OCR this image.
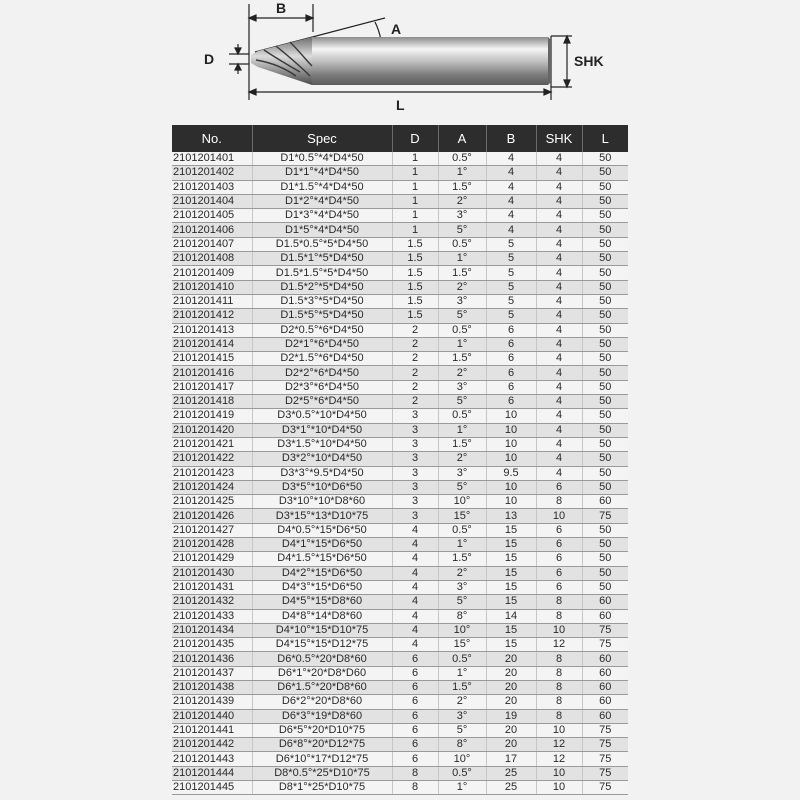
B
A
D	SHK
L
No.	Spec	D	A	B	SHK	L
2101201401	D1*0.5°*4*D4*50	1	0.5°	4	4	50
2101201402	D1*1°*4*D4*50	1	1°	4	4	50
2101201403	D1*1.5°*4*D4*50	1	1.5°	4	4	50
2101201404	D1*2°*4*D4*50	1	2°	4	4	50
2101201405	D1*3°*4*D4*50	1	3°	4	4	50
2101201406	D1*5°*4*D4*50	1	5°	4	4	50
2101201407	D1.5*0.5°*5*D4*50	1.5	0.5°	5	4	50
2101201408	D1.5*1°*5*D4*50	1.5	1°	5	4	50
2101201409	D1.5*1.5°*5*D4*50	1.5	1.5°	5	4	50
2101201410	D1.5*2°*5*D4*50	1.5	2°	5	4	50
2101201411	D1.5*3°*5*D4*50	1.5	3°	5	4	50
2101201412	D1.5*5°*5*D4*50	1.5	5°	5	4	50
2101201413	D2*0.5°*6*D4*50	2	0.5°	6	4	50
2101201414	D2*1°*6*D4*50	2	1°	6	4	50
2101201415	D2*1.5°*6*D4*50	2	1.5°	6	4	50
2101201416	D2*2°*6*D4*50	2	2°	6	4	50
2101201417	D2*3°*6*D4*50	2	3°	6	4	50
2101201418	D2*5°*6*D4*50	2	5°	6	4	50
2101201419	D3*0.5°*10*D4*50	3	0.5°	10	4	50
2101201420	D3*1°*10*D4*50	3	1°	10	4	50
2101201421	D3*1.5°*10*D4*50	3	1.5°	10	4	50
2101201422	D3*2°*10*D4*50	3	2°	10	4	50
2101201423	D3*3°*9.5*D4*50	3	3°	9.5	4	50
2101201424	D3*5°*10*D6*50	3	5°	10	6	50
2101201425	D3*10°*10*D8*60	3	10°	10	8	60
2101201426	D3*15°*13*D10*75	3	15°	13	10	75
2101201427	D4*0.5°*15*D6*50	4	0.5°	15	6	50
2101201428	D4*1°*15*D6*50	4	1°	15	6	50
2101201429	D4*1.5°*15*D6*50	4	1.5°	15	6	50
2101201430	D4*2°*15*D6*50	4	2°	15	6	50
2101201431	D4*3°*15*D6*50	4	3°	15	6	50
2101201432	D4*5°*15*D8*60	4	5°	15	8	60
2101201433	D4*8°*14*D8*60	4	8°	14	8	60
2101201434	D4*10°*15*D10*75	4	10°	15	10	75
2101201435	D4*15°*15*D12*75	4	15°	15	12	75
2101201436	D6*0.5°*20*D8*60	6	0.5°	20	8	60
2101201437	D6*1°*20*D8*D60	6	1°	20	8	60
2101201438	D6*1.5°*20*D8*60	6	1.5°	20	8	60
2101201439	D6*2°*20*D8*60	6	2°	20	8	60
2101201440	D6*3°*19*D8*60	6	3°	19	8	60
2101201441	D6*5°*20*D10*75	6	5°	20	10	75
2101201442	D6*8°*20*D12*75	6	8°	20	12	75
2101201443	D6*10°*17*D12*75	6	10°	17	12	75
2101201444	D8*0.5°*25*D10*75	8	0.5°	25	10	75
2101201445	D8*1°*25*D10*75	8	1°	25	10	75
